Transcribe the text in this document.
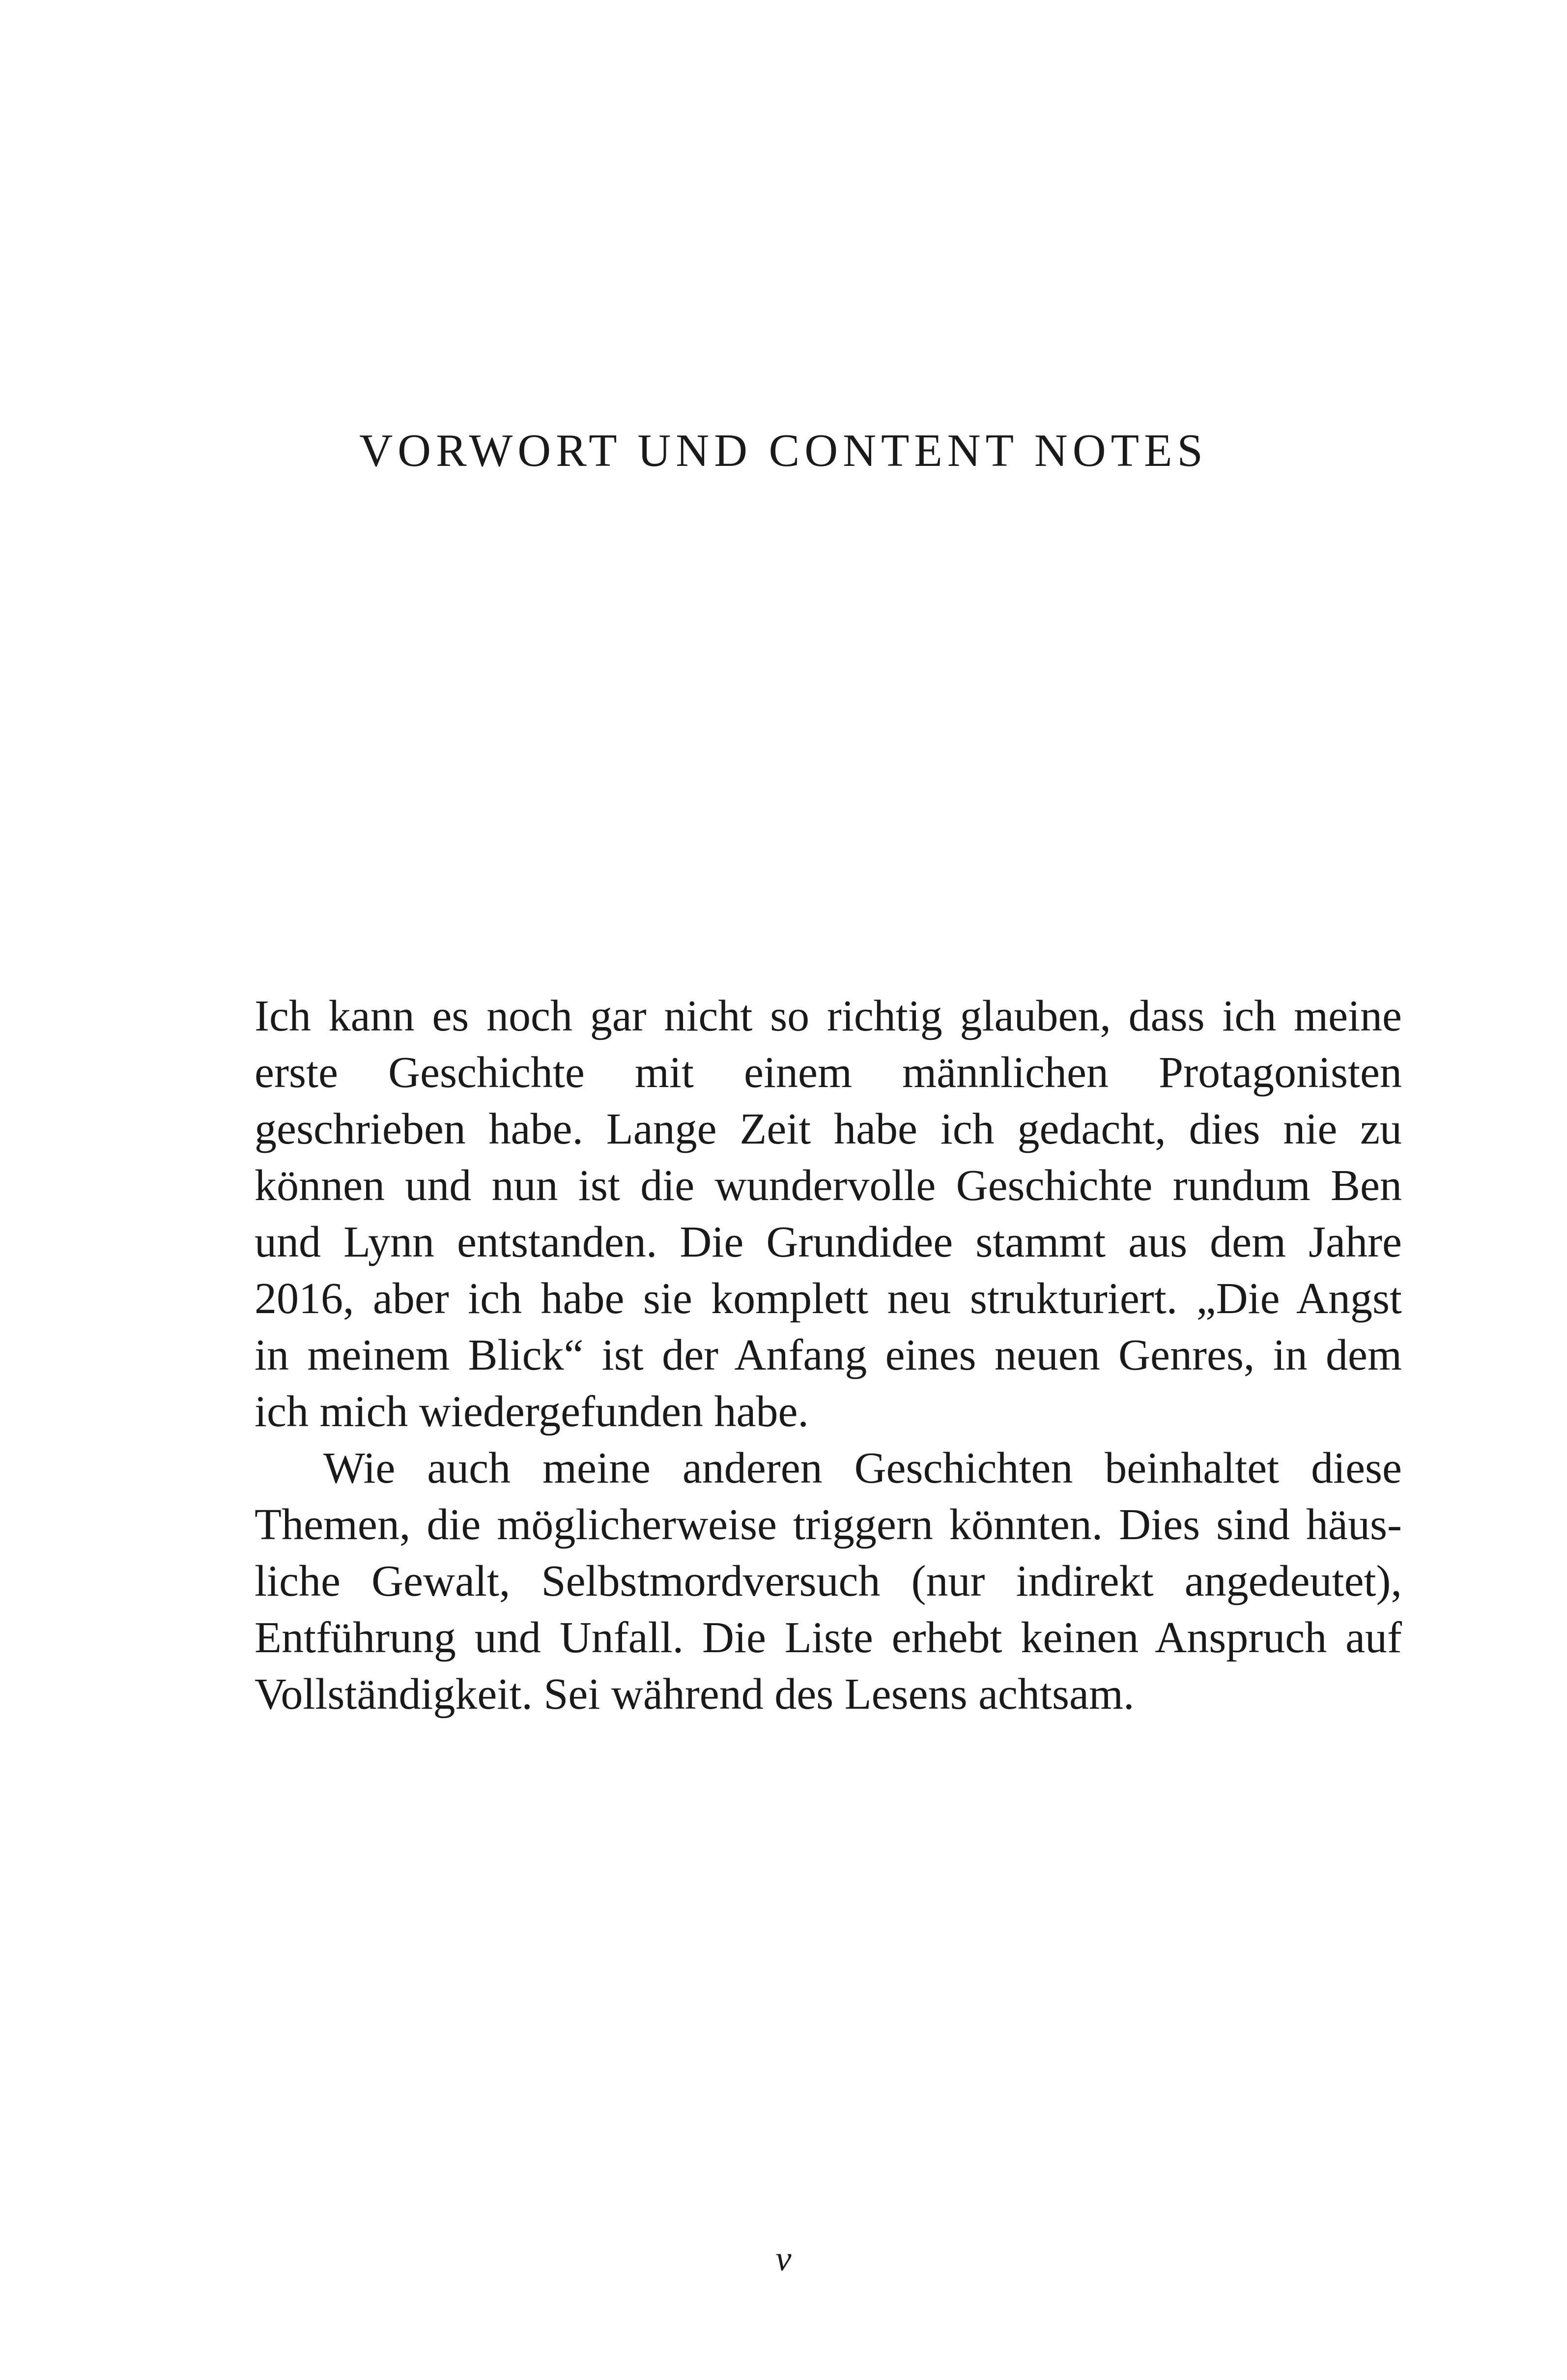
VORWORT UND CONTENT NOTES
Ich kann es noch gar nicht so richtig glauben, dass ich meine
erste Geschichte mit einem männlichen Protagonisten
geschrieben habe. Lange Zeit habe ich gedacht, dies nie zu
können und nun ist die wundervolle Geschichte rundum Ben
und Lynn entstanden. Die Grundidee stammt aus dem Jahre
2016, aber ich habe sie komplett neu strukturiert. „Die Angst
in meinem Blick“ ist der Anfang eines neuen Genres, in dem
ich mich wiedergefunden habe.
Wie auch meine anderen Geschichten beinhaltet diese
Themen, die möglicherweise triggern könnten. Dies sind häus-
liche Gewalt, Selbstmordversuch (nur indirekt angedeutet),
Entführung und Unfall. Die Liste erhebt keinen Anspruch auf
Vollständigkeit. Sei während des Lesens achtsam.
v
